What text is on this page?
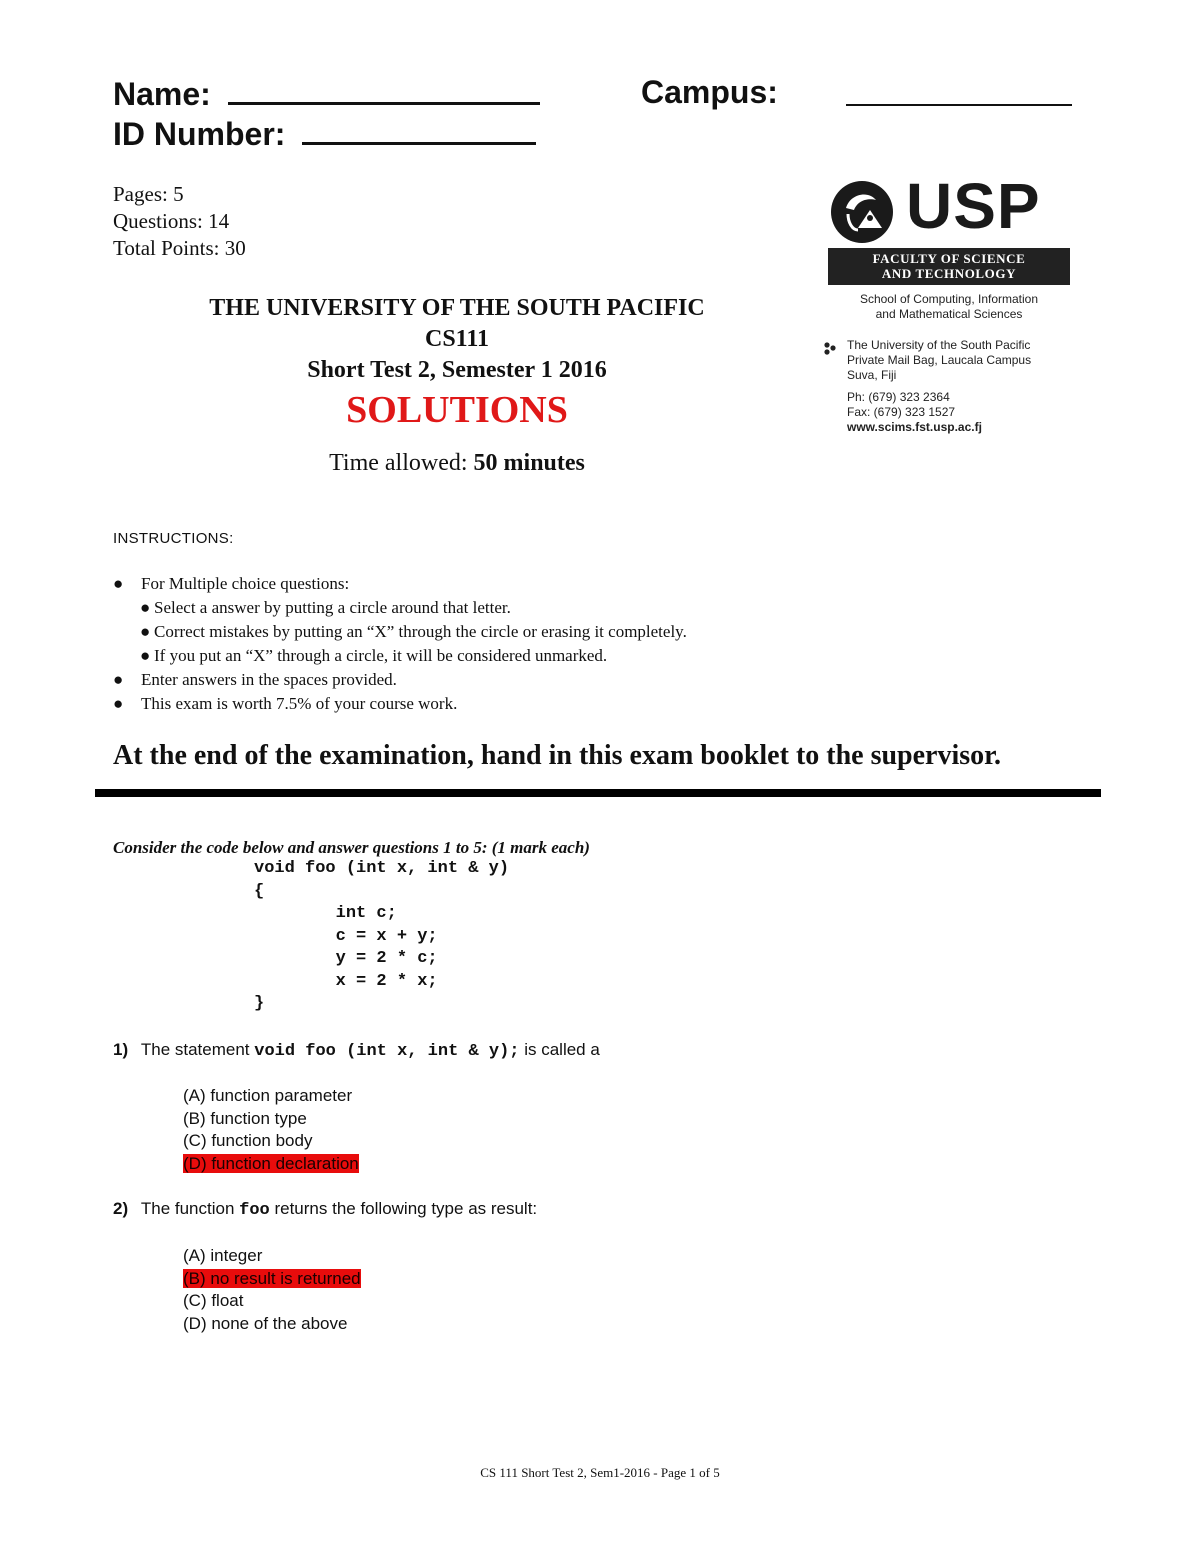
Name:	Campus:
ID Number:
Pages: 5
Questions: 14
Total Points: 30
THE UNIVERSITY OF THE SOUTH PACIFIC
CS111
Short Test 2, Semester 1 2016
SOLUTIONS
Time allowed: 50 minutes
USP
FACULTY OF SCIENCE
AND TECHNOLOGY
School of Computing, Information
and Mathematical Sciences
The University of the South Pacific
Private Mail Bag, Laucala Campus
Suva, Fiji
Ph: (679) 323 2364
Fax: (679) 323 1527
www.scims.fst.usp.ac.fj
INSTRUCTIONS:
● For Multiple choice questions:
● Select a answer by putting a circle around that letter.
● Correct mistakes by putting an “X” through the circle or erasing it completely.
● If you put an “X” through a circle, it will be considered unmarked.
● Enter answers in the spaces provided.
● This exam is worth 7.5% of your course work.
At the end of the examination, hand in this exam booklet to the supervisor.
Consider the code below and answer questions 1 to 5: (1 mark each)
void foo (int x, int & y)
{
int c;
c = x + y;
y = 2 * c;
x = 2 * x;
}
1) The statement void foo (int x, int & y); is called a
(A) function parameter
(B) function type
(C) function body
(D) function declaration
2) The function foo returns the following type as result:
(A) integer
(B) no result is returned
(C) float
(D) none of the above
CS 111 Short Test 2, Sem1-2016 - Page 1 of 5
